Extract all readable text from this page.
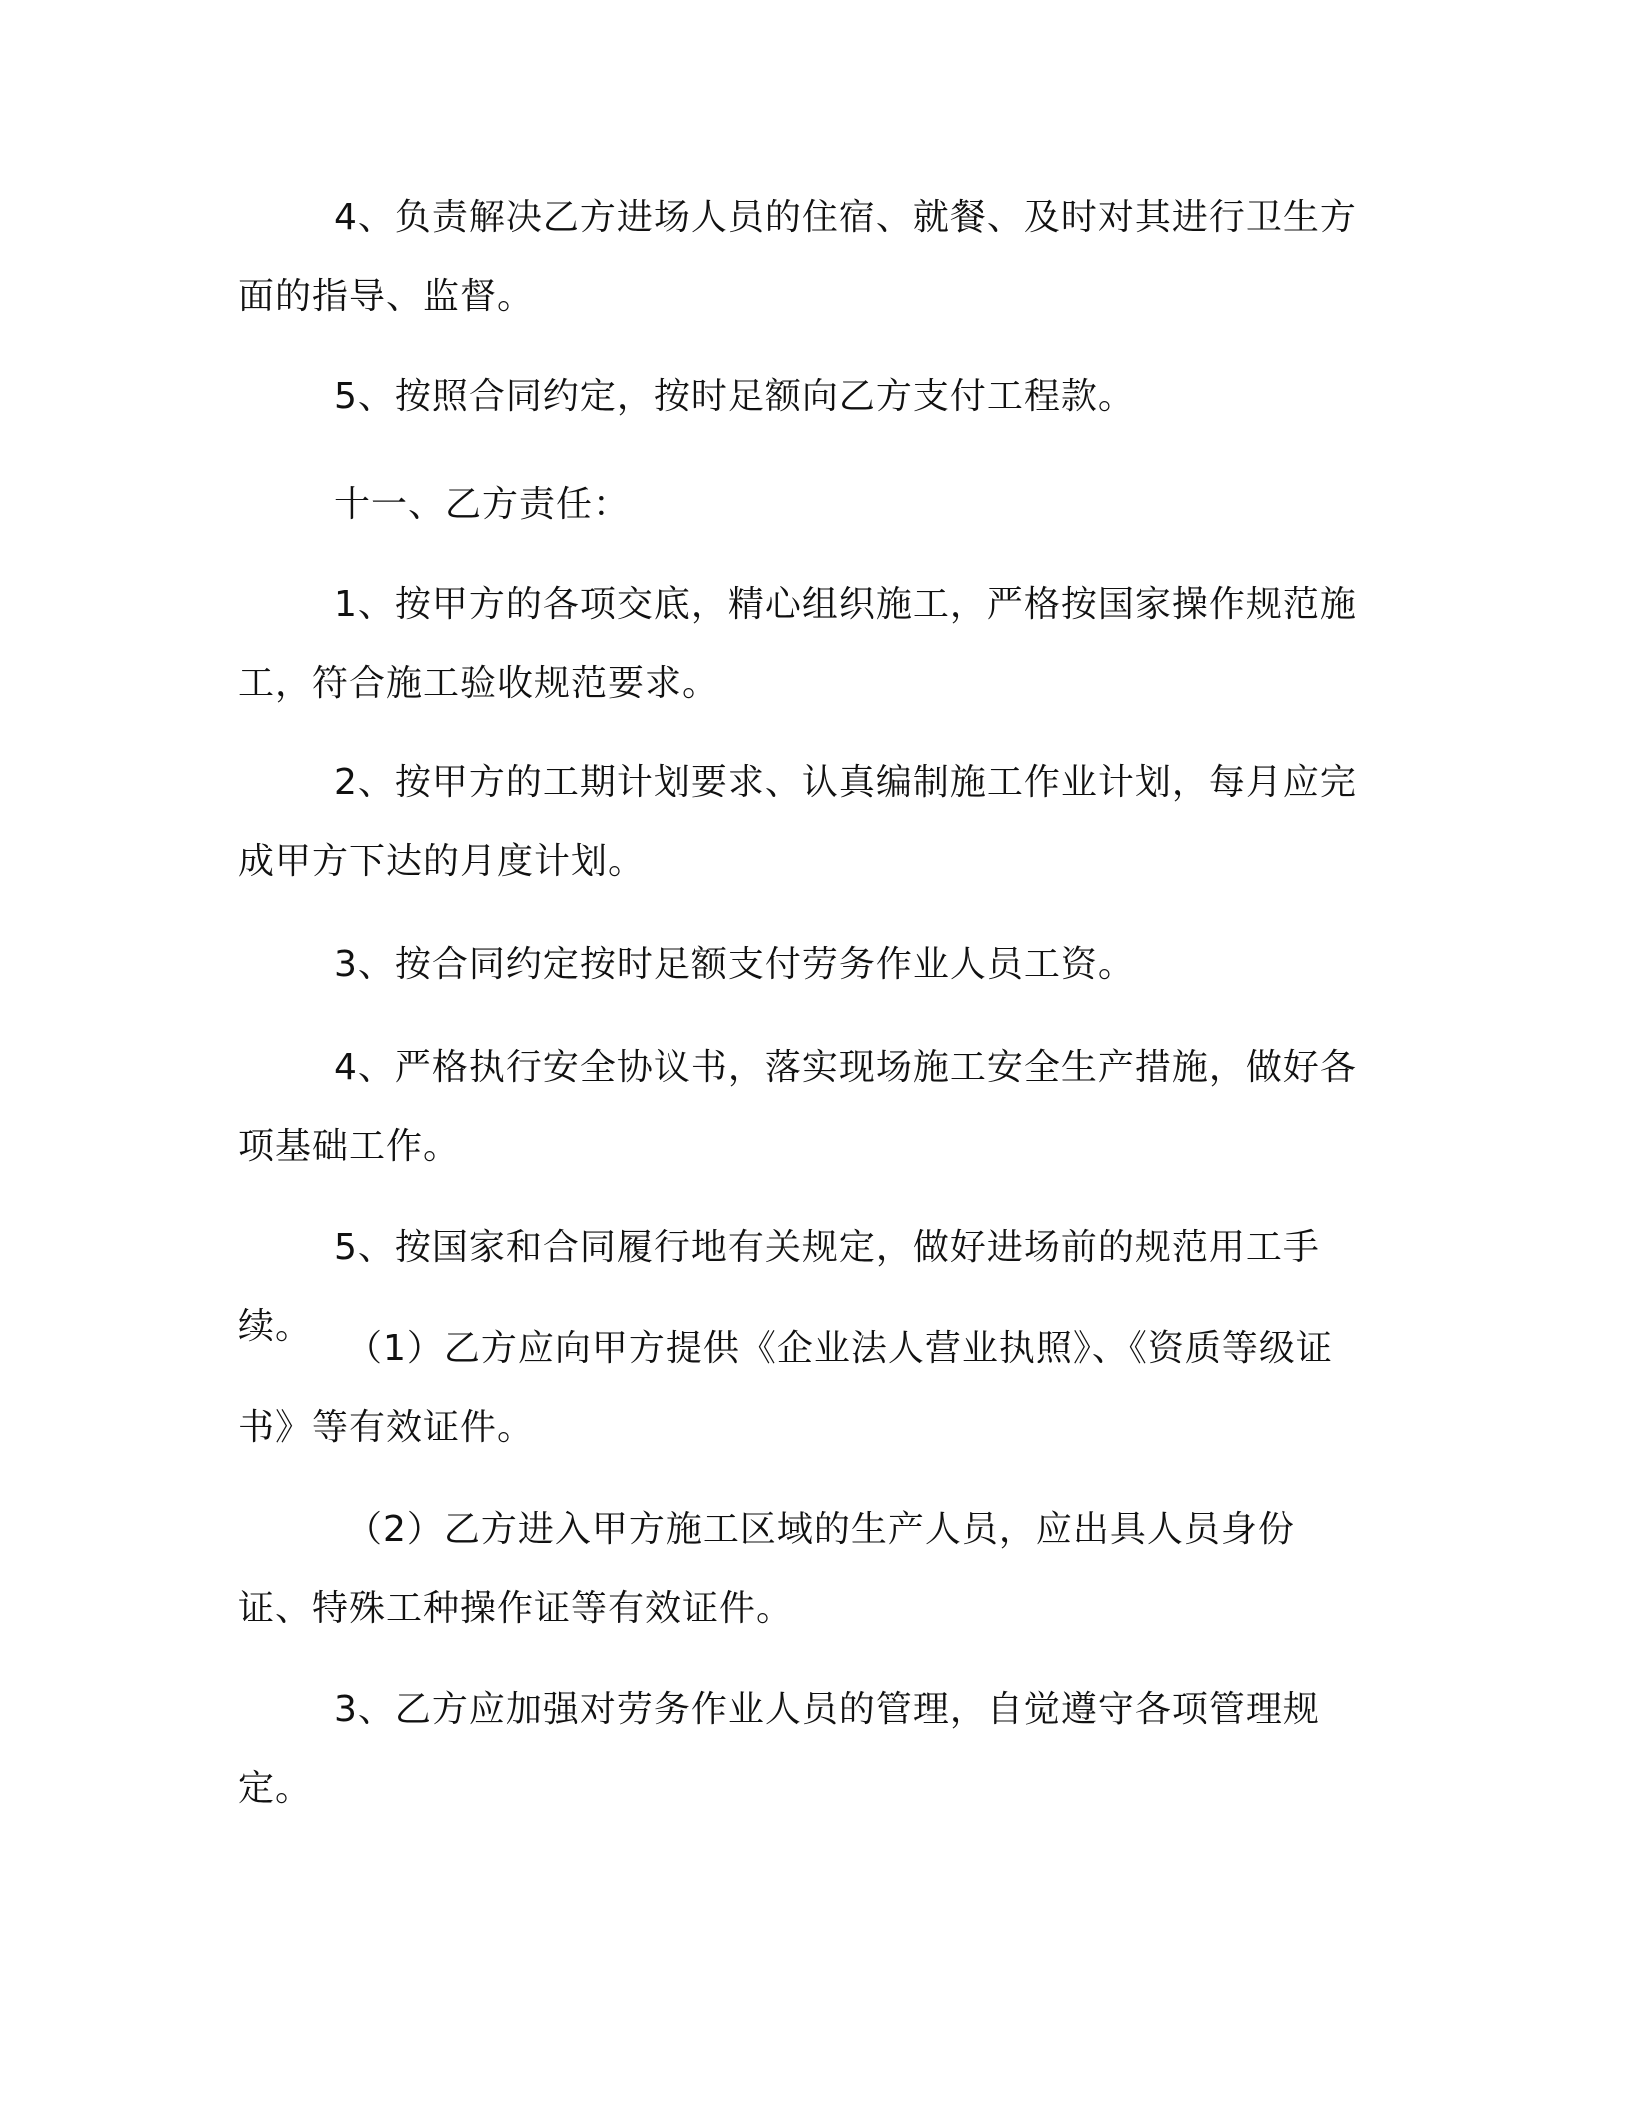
4、负责解决乙方进场人员的住宿、就餐、及时对其进行卫生方面的指导、监督。

5、按照合同约定，按时足额向乙方支付工程款。

十一、乙方责任：

1、按甲方的各项交底，精心组织施工，严格按国家操作规范施工，符合施工验收规范要求。

2、按甲方的工期计划要求、认真编制施工作业计划，每月应完成甲方下达的月度计划。

3、按合同约定按时足额支付劳务作业人员工资。

4、严格执行安全协议书，落实现场施工安全生产措施，做好各项基础工作。

5、按国家和合同履行地有关规定，做好进场前的规范用工手续。

（1）乙方应向甲方提供《企业法人营业执照》、《资质等级证书》等有效证件。

（2）乙方进入甲方施工区域的生产人员，应出具人员身份证、特殊工种操作证等有效证件。

3、乙方应加强对劳务作业人员的管理，自觉遵守各项管理规定。
